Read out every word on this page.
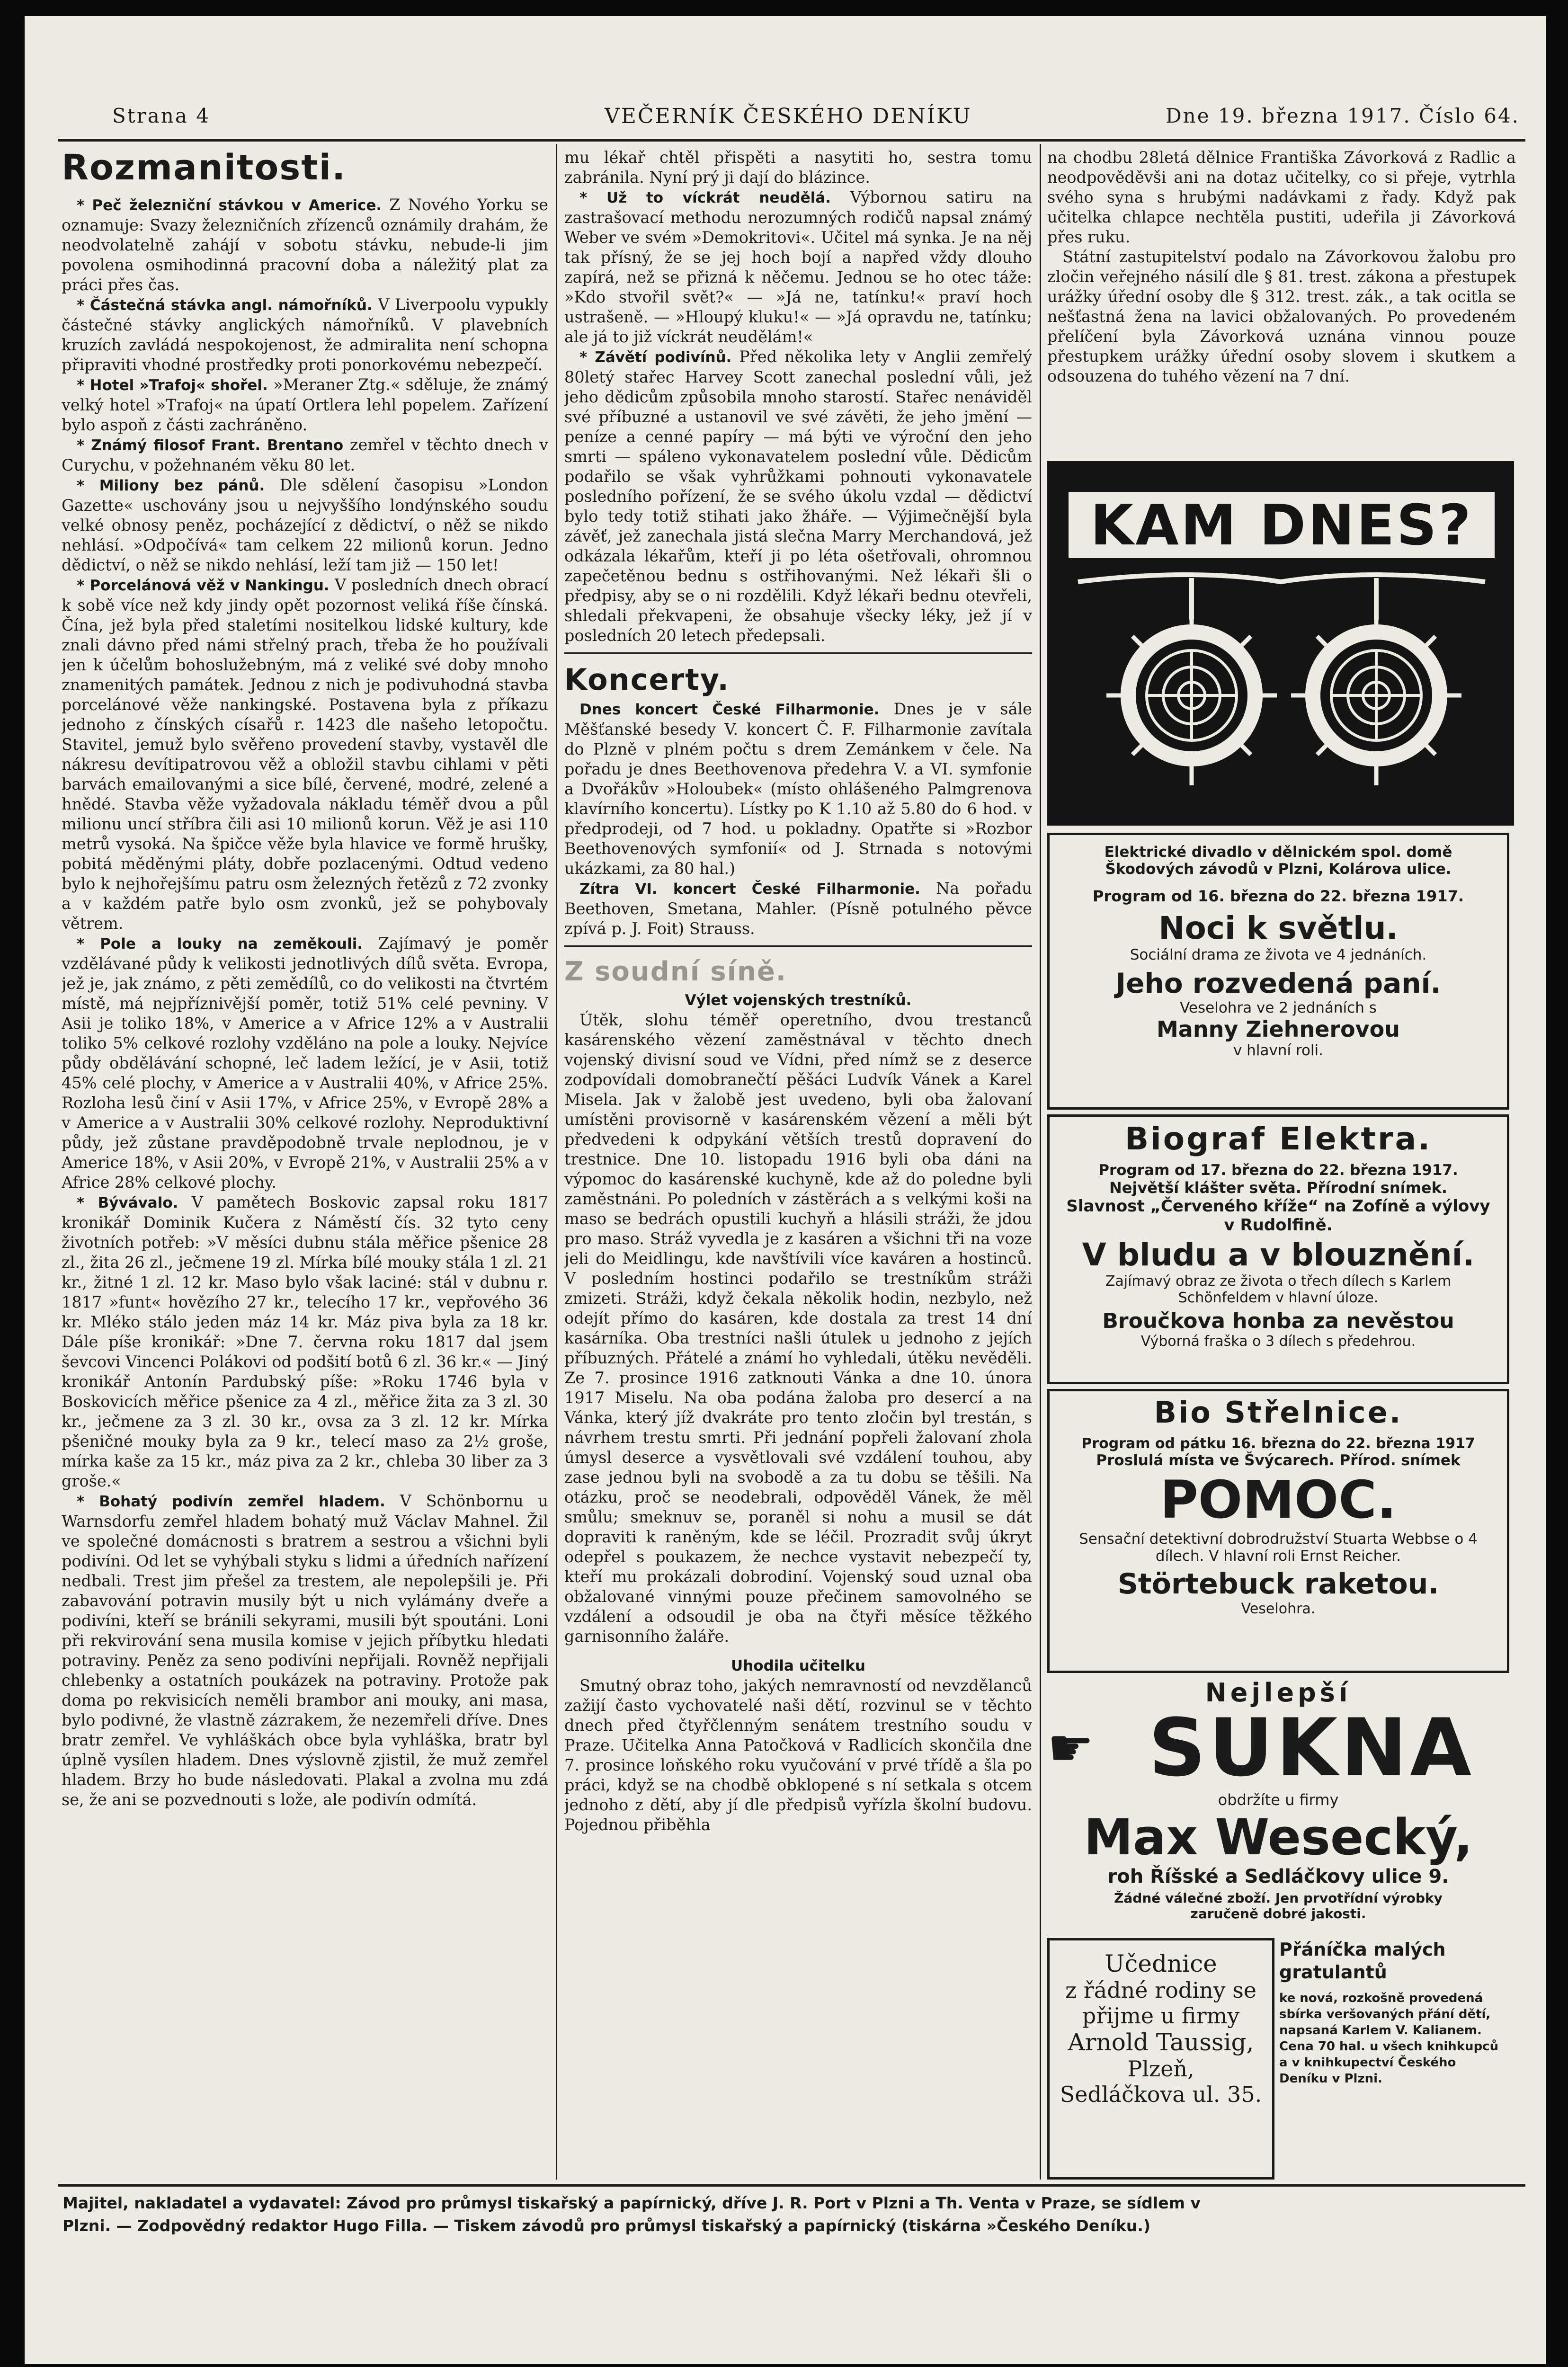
Strana 4	VEČERNÍK ČESKÉHO DENÍKU	Dne 19. března 1917. Číslo 64.
Rozmanitosti.

* Peč železniční stávkou v Americe. Z Nového Yorku se oznamuje: Svazy železničních zřízenců oznámily drahám, že neodvolatelně zahájí v sobotu stávku, nebude-li jim povolena osmihodinná pracovní doba a náležitý plat za práci přes čas.

* Částečná stávka angl. námořníků. V Liverpoolu vypukly částečné stávky anglických námořníků. V plavebních kruzích zavládá nespokojenost, že admiralita není schopna připraviti vhodné prostředky proti ponorkovému nebezpečí.

* Hotel »Trafoj« shořel. »Meraner Ztg.« sděluje, že známý velký hotel »Trafoj« na úpatí Ortlera lehl popelem. Zařízení bylo aspoň z části zachráněno.

* Známý filosof Frant. Brentano zemřel v těchto dnech v Curychu, v požehnaném věku 80 let.

* Miliony bez pánů. Dle sdělení časopisu »London Gazette« uschovány jsou u nejvyššího londýnského soudu velké obnosy peněz, pocházející z dědictví, o něž se nikdo nehlásí. »Odpočívá« tam celkem 22 milionů korun. Jedno dědictví, o něž se nikdo nehlásí, leží tam již — 150 let!

* Porcelánová věž v Nankingu. V posledních dnech obrací k sobě více než kdy jindy opět pozornost veliká říše čínská. Čína, jež byla před staletími nositelkou lidské kultury, kde znali dávno před námi střelný prach, třeba že ho používali jen k účelům bohoslužebným, má z veliké své doby mnoho znamenitých památek. Jednou z nich je podivuhodná stavba porcelánové věže nankingské. Postavena byla z příkazu jednoho z čínských císařů r. 1423 dle našeho letopočtu. Stavitel, jemuž bylo svěřeno provedení stavby, vystavěl dle nákresu devítipatrovou věž a obložil stavbu cihlami v pěti barvách emailovanými a sice bílé, červené, modré, zelené a hnědé. Stavba věže vyžadovala nákladu téměř dvou a půl milionu uncí stříbra čili asi 10 milionů korun. Věž je asi 110 metrů vysoká. Na špičce věže byla hlavice ve formě hrušky, pobitá měděnými pláty, dobře pozlacenými. Odtud vedeno bylo k nejhořejšímu patru osm železných řetězů z 72 zvonky a v každém patře bylo osm zvonků, jež se pohybovaly větrem.

* Pole a louky na zeměkouli. Zajímavý je poměr vzdělávané půdy k velikosti jednotlivých dílů světa. Evropa, jež je, jak známo, z pěti zemědílů, co do velikosti na čtvrtém místě, má nejpříznivější poměr, totiž 51% celé pevniny. V Asii je toliko 18%, v Americe a v Africe 12% a v Australii toliko 5% celkové rozlohy vzděláno na pole a louky. Nejvíce půdy obdělávání schopné, leč ladem ležící, je v Asii, totiž 45% celé plochy, v Americe a v Australii 40%, v Africe 25%. Rozloha lesů činí v Asii 17%, v Africe 25%, v Evropě 28% a v Americe a v Australii 30% celkové rozlohy. Neproduktivní půdy, jež zůstane pravděpodobně trvale neplodnou, je v Americe 18%, v Asii 20%, v Evropě 21%, v Australii 25% a v Africe 28% celkové plochy.

* Bývávalo. V pamětech Boskovic zapsal roku 1817 kronikář Dominik Kučera z Náměstí čís. 32 tyto ceny životních potřeb: »V měsíci dubnu stála měřice pšenice 28 zl., žita 26 zl., ječmene 19 zl. Mírka bílé mouky stála 1 zl. 21 kr., žitné 1 zl. 12 kr. Maso bylo však laciné: stál v dubnu r. 1817 »funt« hovězího 27 kr., telecího 17 kr., vepřového 36 kr. Mléko stálo jeden máz 14 kr. Máz piva byla za 18 kr. Dále píše kronikář: »Dne 7. června roku 1817 dal jsem ševcovi Vincenci Polákovi od podšití botů 6 zl. 36 kr.« — Jiný kronikář Antonín Pardubský píše: »Roku 1746 byla v Boskovicích měřice pšenice za 4 zl., měřice žita za 3 zl. 30 kr., ječmene za 3 zl. 30 kr., ovsa za 3 zl. 12 kr. Mírka pšeničné mouky byla za 9 kr., telecí maso za 2½ groše, mírka kaše za 15 kr., máz piva za 2 kr., chleba 30 liber za 3 groše.«

* Bohatý podivín zemřel hladem. V Schönbornu u Warnsdorfu zemřel hladem bohatý muž Václav Mahnel. Žil ve společné domácnosti s bratrem a sestrou a všichni byli podivíni. Od let se vyhýbali styku s lidmi a úředních nařízení nedbali. Trest jim přešel za trestem, ale nepolepšili je. Při zabavování potravin musily být u nich vylámány dveře a podivíni, kteří se bránili sekyrami, musili být spoutáni. Loni při rekvirování sena musila komise v jejich příbytku hledati potraviny. Peněz za seno podivíni nepřijali. Rovněž nepřijali chlebenky a ostatních poukázek na potraviny. Protože pak doma po rekvisicích neměli brambor ani mouky, ani masa, bylo podivné, že vlastně zázrakem, že nezemřeli dříve. Dnes bratr zemřel. Ve vyhláškách obce byla vyhláška, bratr byl úplně vysílen hladem. Dnes výslovně zjistil, že muž zemřel hladem. Brzy ho bude následovati. Plakal a zvolna mu zdá se, že ani se pozvednouti s lože, ale podivín odmítá.

mu lékař chtěl přispěti a nasytiti ho, sestra tomu zabránila. Nyní prý ji dají do blázince.

* Už to víckrát neudělá. Výbornou satiru na zastrašovací methodu nerozumných rodičů napsal známý Weber ve svém »Demokritovi«. Učitel má synka. Je na něj tak přísný, že se jej hoch bojí a napřed vždy dlouho zapírá, než se přizná k něčemu. Jednou se ho otec táže: »Kdo stvořil svět?« — »Já ne, tatínku!« praví hoch ustrašeně. — »Hloupý kluku!« — »Já opravdu ne, tatínku; ale já to již víckrát neudělám!«

* Závětí podivínů. Před několika lety v Anglii zemřelý 80letý stařec Harvey Scott zanechal poslední vůli, jež jeho dědicům způsobila mnoho starostí. Stařec nenáviděl své příbuzné a ustanovil ve své závěti, že jeho jmění — peníze a cenné papíry — má býti ve výroční den jeho smrti — spáleno vykonavatelem poslední vůle. Dědicům podařilo se však vyhrůžkami pohnouti vykonavatele posledního pořízení, že se svého úkolu vzdal — dědictví bylo tedy totiž stihati jako žháře. — Výjimečnější byla závěť, jež zanechala jistá slečna Marry Merchandová, jež odkázala lékařům, kteří ji po léta ošetřovali, ohromnou zapečetěnou bednu s ostřihovanými. Než lékaři šli o předpisy, aby se o ni rozdělili. Když lékaři bednu otevřeli, shledali překvapeni, že obsahuje všecky léky, jež jí v posledních 20 letech předepsali.

Koncerty.

Dnes koncert České Filharmonie. Dnes je v sále Měšťanské besedy V. koncert Č. F. Filharmonie zavítala do Plzně v plném počtu s drem Zemánkem v čele. Na pořadu je dnes Beethovenova předehra V. a VI. symfonie a Dvořákův »Holoubek« (místo ohlášeného Palmgrenova klavírního koncertu). Lístky po K 1.10 až 5.80 do 6 hod. v předprodeji, od 7 hod. u pokladny. Opatřte si »Rozbor Beethovenových symfonií« od J. Strnada s notovými ukázkami, za 80 hal.)

Zítra VI. koncert České Filharmonie. Na pořadu Beethoven, Smetana, Mahler. (Písně potulného pěvce zpívá p. J. Foit) Strauss.

Z soudní síně.

Výlet vojenských trestníků.

Útěk, slohu téměř operetního, dvou trestanců kasárenského vězení zaměstnával v těchto dnech vojenský divisní soud ve Vídni, před nímž se z deserce zodpovídali domobranečtí pěšáci Ludvík Vánek a Karel Misela. Jak v žalobě jest uvedeno, byli oba žalovaní umístěni provisorně v kasárenském vězení a měli být předvedeni k odpykání větších trestů dopravení do trestnice. Dne 10. listopadu 1916 byli oba dáni na výpomoc do kasárenské kuchyně, kde až do poledne byli zaměstnáni. Po poledních v zástěrách a s velkými koši na maso se bedrách opustili kuchyň a hlásili stráži, že jdou pro maso. Stráž vyvedla je z kasáren a všichni tři na voze jeli do Meidlingu, kde navštívili více kaváren a hostinců. V posledním hostinci podařilo se trestníkům stráži zmizeti. Stráži, když čekala několik hodin, nezbylo, než odejít přímo do kasáren, kde dostala za trest 14 dní kasárníka. Oba trestníci našli útulek u jednoho z jejích příbuzných. Přátelé a známí ho vyhledali, útěku nevěděli. Ze 7. prosince 1916 zatknouti Vánka a dne 10. února 1917 Miselu. Na oba podána žaloba pro desercí a na Vánka, který jíž dvakráte pro tento zločin byl trestán, s návrhem trestu smrti. Při jednání popřeli žalovaní zhola úmysl deserce a vysvětlovali své vzdálení touhou, aby zase jednou byli na svobodě a za tu dobu se těšili. Na otázku, proč se neodebrali, odpověděl Vánek, že měl smůlu; smeknuv se, poraněl si nohu a musil se dát dopraviti k raněným, kde se léčil. Prozradit svůj úkryt odepřel s poukazem, že nechce vystavit nebezpečí ty, kteří mu prokázali dobrodiní. Vojenský soud uznal oba obžalované vinnými pouze přečinem samovolného se vzdálení a odsoudil je oba na čtyři měsíce těžkého garnisonního žaláře.

Uhodila učitelku

Smutný obraz toho, jakých nemravností od nevzdělanců zažijí často vychovatelé naši dětí, rozvinul se v těchto dnech před čtyřčlenným senátem trestního soudu v Praze. Učitelka Anna Patočková v Radlicích skončila dne 7. prosince loňského roku vyučování v prvé třídě a šla po práci, když se na chodbě obklopené s ní setkala s otcem jednoho z dětí, aby jí dle předpisů vyřízla školní budovu. Pojednou přiběhla

na chodbu 28letá dělnice Františka Závorková z Radlic a neodpověděvši ani na dotaz učitelky, co si přeje, vytrhla svého syna s hrubými nadávkami z řady. Když pak učitelka chlapce nechtěla pustiti, udeřila ji Závorková přes ruku.

Státní zastupitelství podalo na Závorkovou žalobu pro zločin veřejného násilí dle § 81. trest. zákona a přestupek urážky úřední osoby dle § 312. trest. zák., a tak ocitla se nešťastná žena na lavici obžalovaných. Po provedeném přelíčení byla Závorková uznána vinnou pouze přestupkem urážky úřední osoby slovem i skutkem a odsouzena do tuhého vězení na 7 dní.

KAM DNES?
Elektrické divadlo v dělnickém spol. domě
Škodových závodů v Plzni, Kolárova ulice.
Program od 16. března do 22. března 1917.
Noci k světlu.
Sociální drama ze života ve 4 jednáních.
Jeho rozvedená paní.
Veselohra ve 2 jednáních s
Manny Ziehnerovou
v hlavní roli.
Biograf Elektra.
Program od 17. března do 22. března 1917.
Největší klášter světa. Přírodní snímek.
Slavnost „Červeného kříže“ na Zofíně a výlovy v Rudolfině.
V bludu a v blouznění.
Zajímavý obraz ze života o třech dílech s Karlem Schönfeldem v hlavní úloze.
Broučkova honba za nevěstou
Výborná fraška o 3 dílech s předehrou.
Bio Střelnice.
Program od pátku 16. března do 22. března 1917
Proslulá místa ve Švýcarech. Přírod. snímek
POMOC.
Sensační detektivní dobrodružství Stuarta Webbse o 4 dílech. V hlavní roli Ernst Reicher.
Störtebuck raketou.
Veselohra.
Nejlepší
☛ SUKNA
obdržíte u firmy
Max Wesecký,
roh Říšské a Sedláčkovy ulice 9.
Žádné válečné zboží. Jen prvotřídní výrobky
zaručeně dobré jakosti.
Učednice
z řádné rodiny se
přijme u firmy
Arnold Taussig,
Plzeň,
Sedláčkova ul. 35.
Přáníčka malých gratulantů
ke nová, rozkošně provedená sbírka veršovaných přání dětí, napsaná Karlem V. Kalianem. Cena 70 hal. u všech knihkupců a v knihkupectví Českého Deníku v Plzni.
Majitel, nakladatel a vydavatel: Závod pro průmysl tiskařský a papírnický, dříve J. R. Port v Plzni a Th. Venta v Praze, se sídlem v
Plzni. — Zodpovědný redaktor Hugo Filla. — Tiskem závodů pro průmysl tiskařský a papírnický (tiskárna »Českého Deníku.)
